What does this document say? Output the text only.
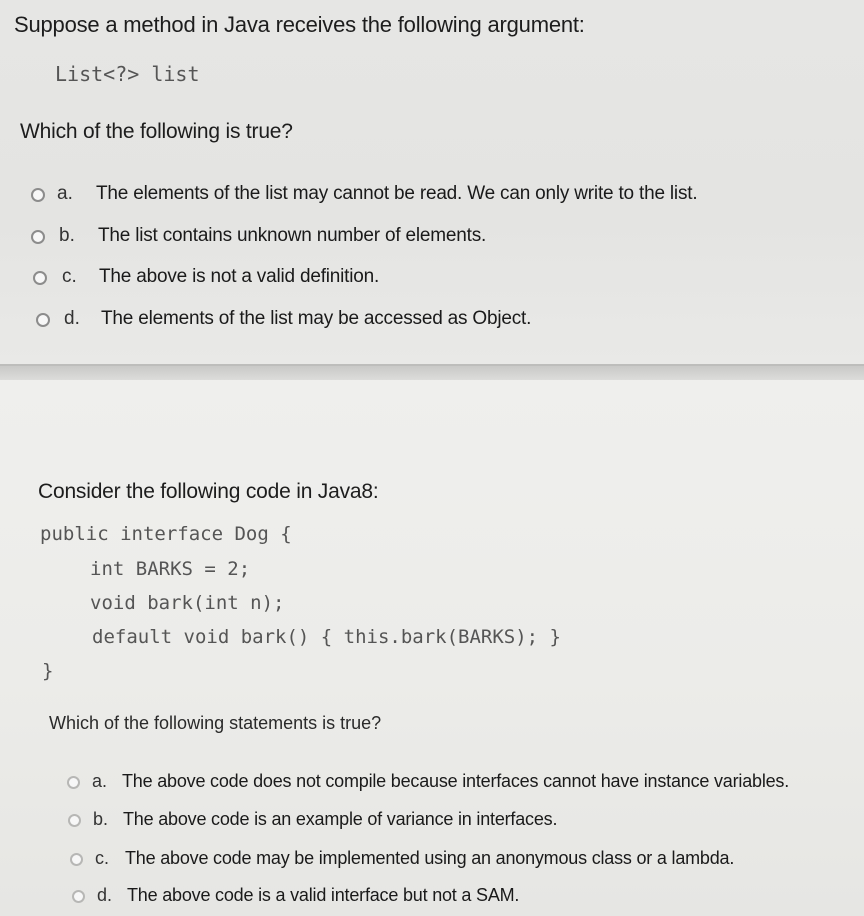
Suppose a method in Java receives the following argument:
List<?> list
Which of the following is true?
a. The elements of the list may cannot be read. We can only write to the list.
b. The list contains unknown number of elements.
c. The above is not a valid definition.
d. The elements of the list may be accessed as Object.
Consider the following code in Java8:
public interface Dog {
int BARKS = 2;
void bark(int n);
default void bark() { this.bark(BARKS); }
}
Which of the following statements is true?
a. The above code does not compile because interfaces cannot have instance variables.
b. The above code is an example of variance in interfaces.
c. The above code may be implemented using an anonymous class or a lambda.
d. The above code is a valid interface but not a SAM.
